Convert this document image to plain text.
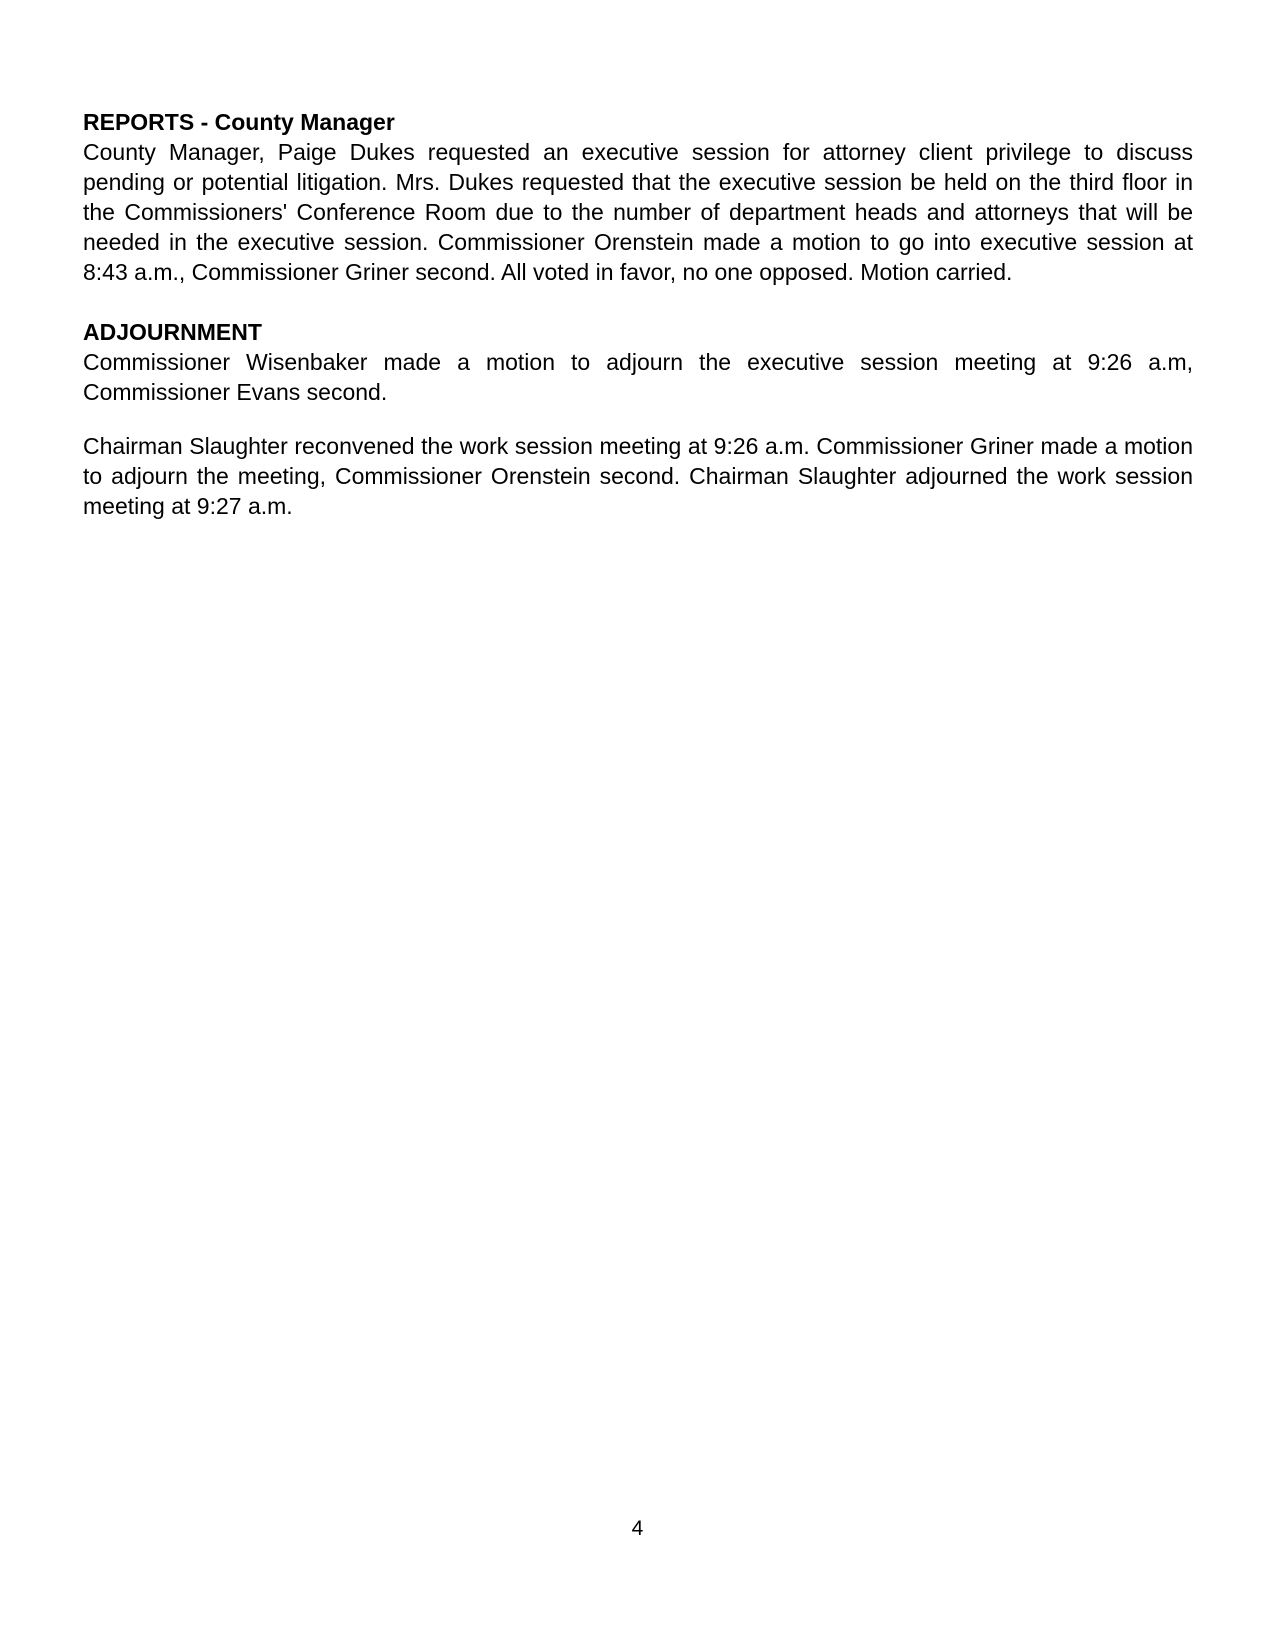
REPORTS - County Manager

County Manager, Paige Dukes requested an executive session for attorney client privilege to discuss pending or potential litigation. Mrs. Dukes requested that the executive session be held on the third floor in the Commissioners' Conference Room due to the number of department heads and attorneys that will be needed in the executive session. Commissioner Orenstein made a motion to go into executive session at 8:43 a.m., Commissioner Griner second. All voted in favor, no one opposed. Motion carried.

ADJOURNMENT

Commissioner Wisenbaker made a motion to adjourn the executive session meeting at 9:26 a.m, Commissioner Evans second.

Chairman Slaughter reconvened the work session meeting at 9:26 a.m. Commissioner Griner made a motion to adjourn the meeting, Commissioner Orenstein second. Chairman Slaughter adjourned the work session meeting at 9:27 a.m.

4
